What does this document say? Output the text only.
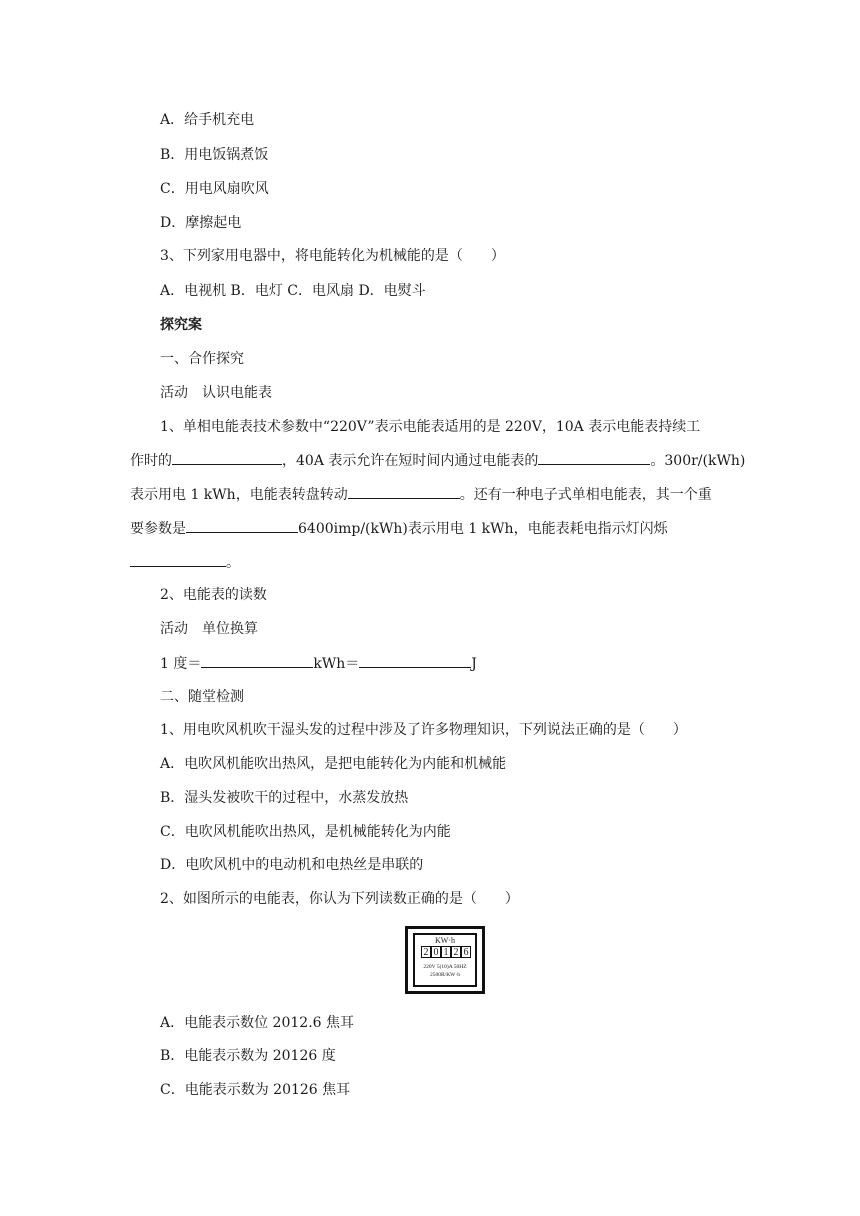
A．给手机充电
B．用电饭锅煮饭
C．用电风扇吹风
D．摩擦起电
3、下列家用电器中，将电能转化为机械能的是（　　）
A．电视机 B．电灯 C．电风扇 D．电熨斗
探究案
一、合作探究
活动　认识电能表
1、单相电能表技术参数中“220V”表示电能表适用的是 220V，10A 表示电能表持续工
作时的	，40A 表示允许在短时间内通过电能表的	。300r/(kWh)
表示用电 1 kWh，电能表转盘转动	。还有一种电子式单相电能表，其一个重
要参数是	6400imp/(kWh)表示用电 1 kWh，电能表耗电指示灯闪烁
。
2、电能表的读数
活动　单位换算
1 度＝	kWh＝	J
二、随堂检测
1、用电吹风机吹干湿头发的过程中涉及了许多物理知识，下列说法正确的是（　　）
A．电吹风机能吹出热风，是把电能转化为内能和机械能
B．湿头发被吹干的过程中，水蒸发放热
C．电吹风机能吹出热风，是机械能转化为内能
D．电吹风机中的电动机和电热丝是串联的
2、如图所示的电能表，你认为下列读数正确的是（　　）
KW·h
2 0 1 2 6
220V 5(10)A 50HZ
2500R/KW·h
A．电能表示数位 2012.6 焦耳
B．电能表示数为 20126 度
C．电能表示数为 20126 焦耳
